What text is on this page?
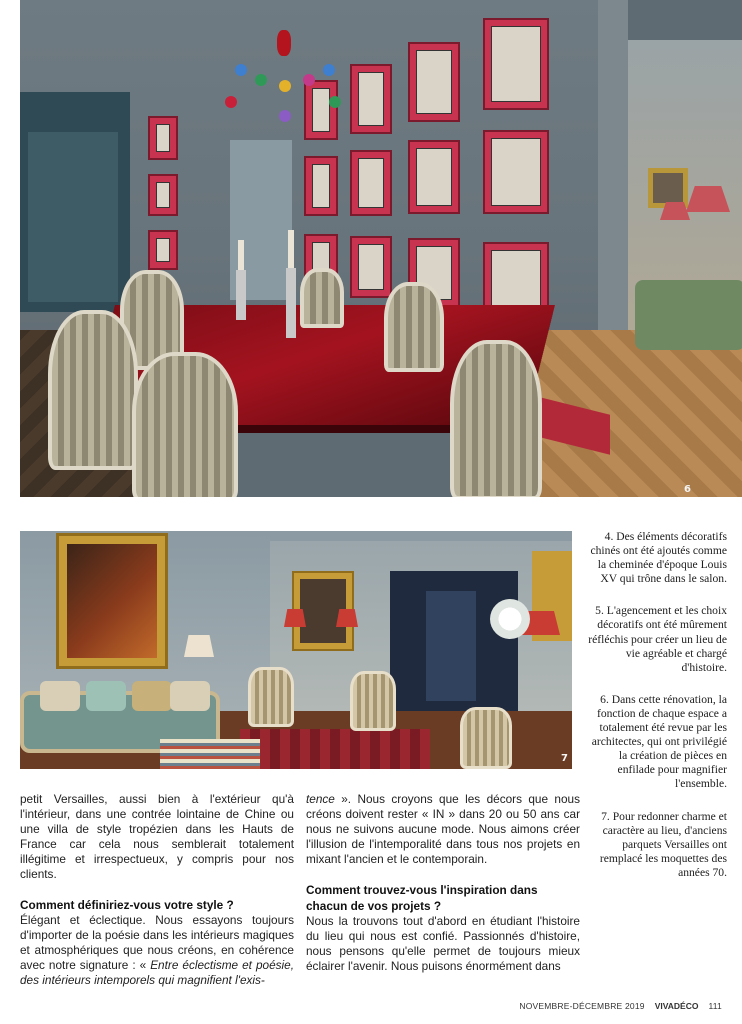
6
7

4. Des éléments décoratifs chinés ont été ajoutés comme la cheminée d'époque Louis XV qui trône dans le salon.

5. L'agencement et les choix décoratifs ont été mûrement réfléchis pour créer un lieu de vie agréable et chargé d'histoire.

6. Dans cette rénovation, la fonction de chaque espace a totalement été revue par les architectes, qui ont privilégié la création de pièces en enfilade pour magnifier l'ensemble.

7. Pour redonner charme et caractère au lieu, d'anciens parquets Versailles ont remplacé les moquettes des années 70.

petit Versailles, aussi bien à l'extérieur qu'à l'intérieur, dans une contrée lointaine de Chine ou une villa de style tropézien dans les Hauts de France car cela nous semblerait totalement illégitime et irrespectueux, y compris pour nos clients.

Comment définiriez-vous votre style ?

Élégant et éclectique. Nous essayons toujours d'importer de la poésie dans les intérieurs magiques et atmosphériques que nous créons, en cohérence avec notre signature : « Entre éclectisme et poésie, des intérieurs intemporels qui magnifient l'exis-

tence ». Nous croyons que les décors que nous créons doivent rester « IN » dans 20 ou 50 ans car nous ne suivons aucune mode. Nous aimons créer l'illusion de l'intemporalité dans tous nos projets en mixant l'ancien et le contemporain.

Comment trouvez-vous l'inspiration dans chacun de vos projets ?

Nous la trouvons tout d'abord en étudiant l'histoire du lieu qui nous est confié. Passionnés d'histoire, nous pensons qu'elle permet de toujours mieux éclairer l'avenir. Nous puisons énormément dans

NOVEMBRE-DÉCEMBRE 2019 VIVADÉCO 111
